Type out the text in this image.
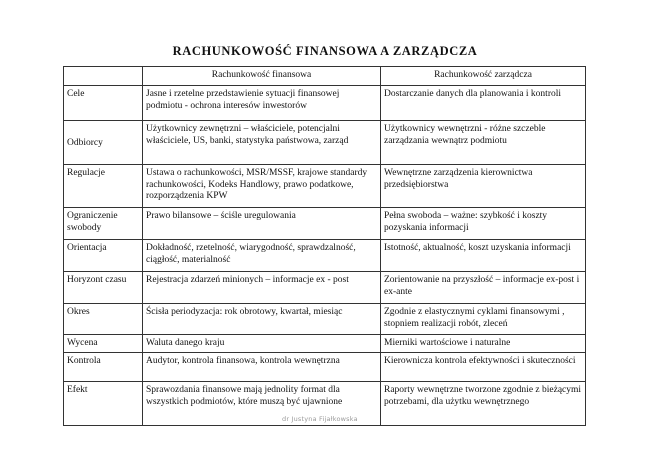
RACHUNKOWOŚĆ FINANSOWA A ZARZĄDCZA
	Rachunkowość finansowa	Rachunkowość zarządcza
Cele	Jasne i rzetelne przedstawienie sytuacji finansowej podmiotu - ochrona interesów inwestorów	Dostarczanie danych dla planowania i kontroli
Odbiorcy	Użytkownicy zewnętrzni – właściciele, potencjalni właściciele, US, banki, statystyka państwowa, zarząd	Użytkownicy wewnętrzni - różne szczeble zarządzania wewnątrz podmiotu
Regulacje	Ustawa o rachunkowości, MSR/MSSF, krajowe standardy rachunkowości, Kodeks Handlowy, prawo podatkowe, rozporządzenia KPW	Wewnętrzne zarządzenia kierownictwa przedsiębiorstwa
Ograniczenie swobody	Prawo bilansowe – ściśle uregulowania	Pełna swoboda – ważne: szybkość i koszty pozyskania informacji
Orientacja	Dokładność, rzetelność, wiarygodność, sprawdzalność, ciągłość, materialność	Istotność, aktualność, koszt uzyskania informacji
Horyzont czasu	Rejestracja zdarzeń minionych – informacje ex - post	Zorientowanie na przyszłość – informacje ex-post i ex-ante
Okres	Ścisła periodyzacja: rok obrotowy, kwartał, miesiąc	Zgodnie z elastycznymi cyklami finansowymi , stopniem realizacji robót, zleceń
Wycena	Waluta danego kraju	Mierniki wartościowe i naturalne
Kontrola	Audytor, kontrola finansowa, kontrola wewnętrzna	Kierownicza kontrola efektywności i skuteczności
Efekt	Sprawozdania finansowe mają jednolity format dla wszystkich podmiotów, które muszą być ujawnione	Raporty wewnętrzne tworzone zgodnie z bieżącymi potrzebami, dla użytku wewnętrznego
dr Justyna Fijałkowska
